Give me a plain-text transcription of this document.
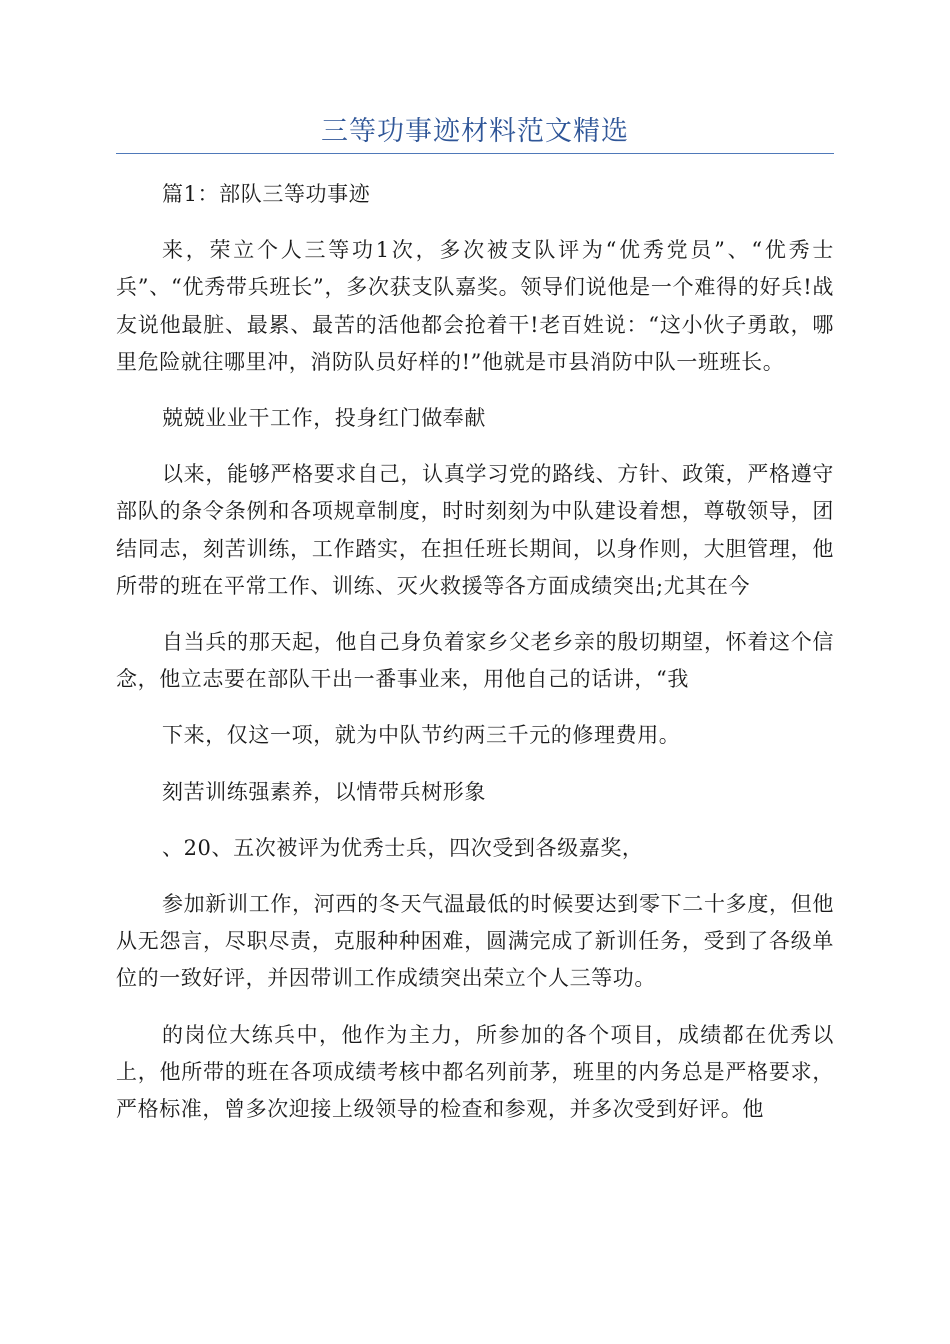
三等功事迹材料范文精选

篇1：部队三等功事迹

来，荣立个人三等功1次，多次被支队评为“优秀党员”、“优秀士兵”、“优秀带兵班长”，多次获支队嘉奖。领导们说他是一个难得的好兵!战友说他最脏、最累、最苦的活他都会抢着干!老百姓说：“这小伙子勇敢，哪里危险就往哪里冲，消防队员好样的!”他就是市县消防中队一班班长。

兢兢业业干工作，投身红门做奉献

以来，能够严格要求自己，认真学习党的路线、方针、政策，严格遵守部队的条令条例和各项规章制度，时时刻刻为中队建设着想，尊敬领导，团结同志，刻苦训练，工作踏实，在担任班长期间，以身作则，大胆管理，他所带的班在平常工作、训练、灭火救援等各方面成绩突出;尤其在今

自当兵的那天起，他自己身负着家乡父老乡亲的殷切期望，怀着这个信念，他立志要在部队干出一番事业来，用他自己的话讲，“我

下来，仅这一项，就为中队节约两三千元的修理费用。

刻苦训练强素养，以情带兵树形象

、20、五次被评为优秀士兵，四次受到各级嘉奖，

参加新训工作，河西的冬天气温最低的时候要达到零下二十多度，但他从无怨言，尽职尽责，克服种种困难，圆满完成了新训任务，受到了各级单位的一致好评，并因带训工作成绩突出荣立个人三等功。

的岗位大练兵中，他作为主力，所参加的各个项目，成绩都在优秀以上，他所带的班在各项成绩考核中都名列前茅，班里的内务总是严格要求，严格标准，曾多次迎接上级领导的检查和参观，并多次受到好评。他
